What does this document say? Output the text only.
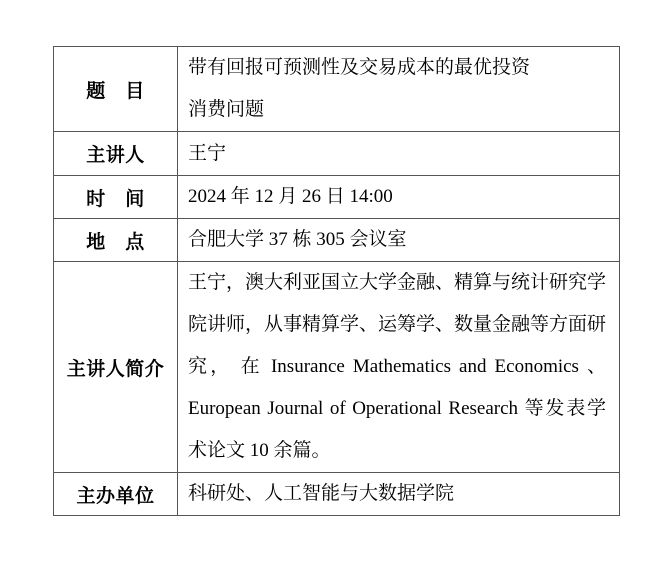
题　目	带有回报可预测性及交易成本的最优投资
消费问题

主讲人	王宁

时　间	2024 年 12 月 26 日 14:00

地　点	合肥大学 37 栋 305 会议室

主讲人简介	王宁，澳大利亚国立大学金融、精算与统计研究学
院讲师，从事精算学、运筹学、数量金融等方面研
究， 在 Insurance Mathematics and Economics 、
European Journal of Operational Research 等发表学
术论文 10 余篇。

主办单位	科研处、人工智能与大数据学院
